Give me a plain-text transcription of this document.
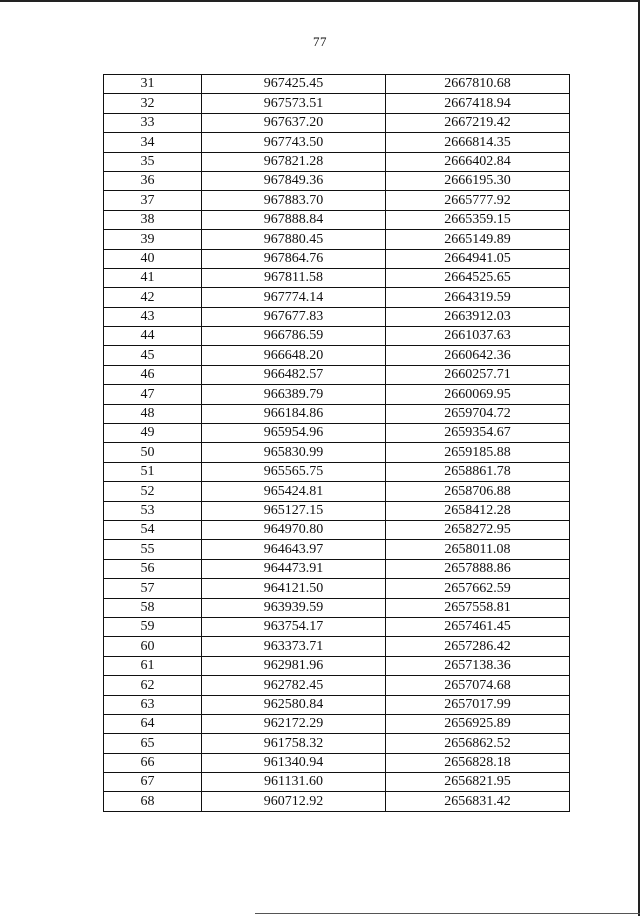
77
31	967425.45	2667810.68
32	967573.51	2667418.94
33	967637.20	2667219.42
34	967743.50	2666814.35
35	967821.28	2666402.84
36	967849.36	2666195.30
37	967883.70	2665777.92
38	967888.84	2665359.15
39	967880.45	2665149.89
40	967864.76	2664941.05
41	967811.58	2664525.65
42	967774.14	2664319.59
43	967677.83	2663912.03
44	966786.59	2661037.63
45	966648.20	2660642.36
46	966482.57	2660257.71
47	966389.79	2660069.95
48	966184.86	2659704.72
49	965954.96	2659354.67
50	965830.99	2659185.88
51	965565.75	2658861.78
52	965424.81	2658706.88
53	965127.15	2658412.28
54	964970.80	2658272.95
55	964643.97	2658011.08
56	964473.91	2657888.86
57	964121.50	2657662.59
58	963939.59	2657558.81
59	963754.17	2657461.45
60	963373.71	2657286.42
61	962981.96	2657138.36
62	962782.45	2657074.68
63	962580.84	2657017.99
64	962172.29	2656925.89
65	961758.32	2656862.52
66	961340.94	2656828.18
67	961131.60	2656821.95
68	960712.92	2656831.42
